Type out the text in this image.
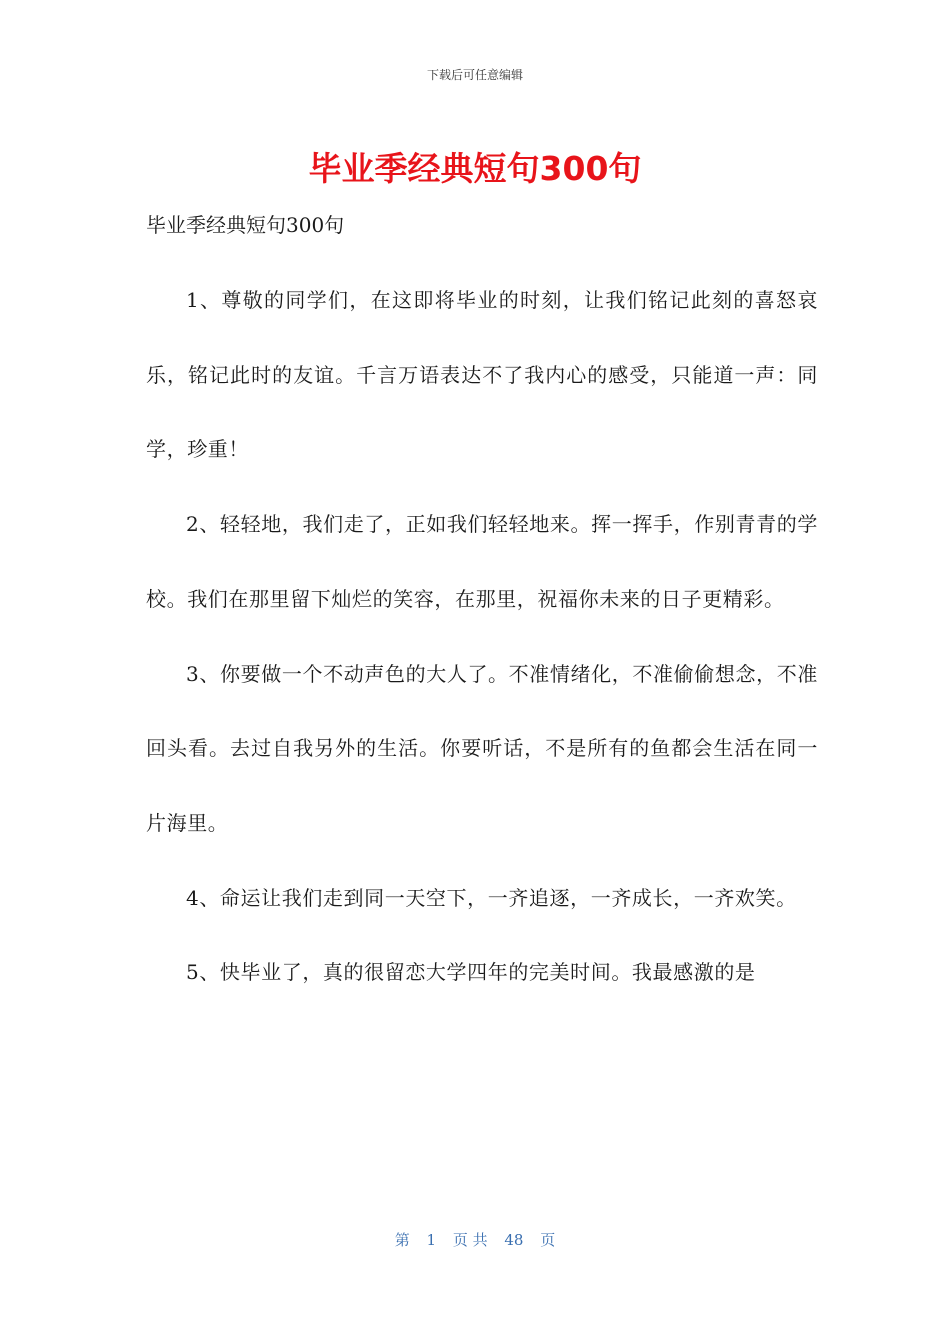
下载后可任意编辑
毕业季经典短句300句
毕业季经典短句300句

1、尊敬的同学们，在这即将毕业的时刻，让我们铭记此刻的喜怒哀乐，铭记此时的友谊。千言万语表达不了我内心的感受，只能道一声：同学，珍重！

2、轻轻地，我们走了，正如我们轻轻地来。挥一挥手，作别青青的学校。我们在那里留下灿烂的笑容，在那里，祝福你未来的日子更精彩。

3、你要做一个不动声色的大人了。不准情绪化，不准偷偷想念，不准回头看。去过自我另外的生活。你要听话，不是所有的鱼都会生活在同一片海里。

4、命运让我们走到同一天空下，一齐追逐，一齐成长，一齐欢笑。

5、快毕业了，真的很留恋大学四年的完美时间。我最感激的是

第 1 页 共 48 页
